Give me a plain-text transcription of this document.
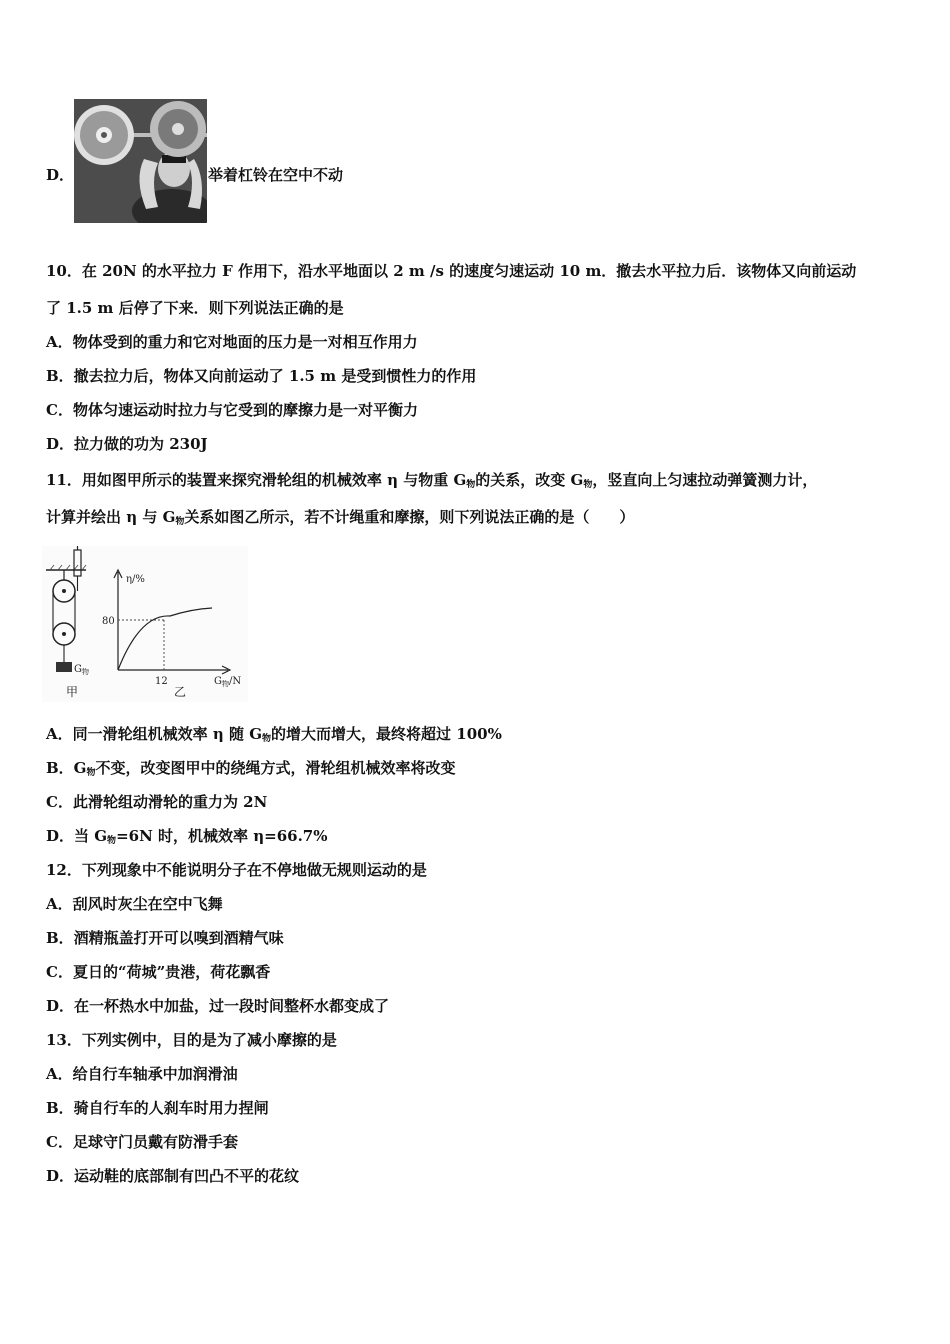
D．	举着杠铃在空中不动
10．在 20N 的水平拉力 F 作用下，沿水平地面以 2 m /s 的速度匀速运动 10 m．撤去水平拉力后．该物体又向前运动
了 1.5 m 后停了下来．则下列说法正确的是
A．物体受到的重力和它对地面的压力是一对相互作用力
B．撤去拉力后，物体又向前运动了 1.5 m 是受到惯性力的作用
C．物体匀速运动时拉力与它受到的摩擦力是一对平衡力
D．拉力做的功为 230J
11．用如图甲所示的装置来探究滑轮组的机械效率 η 与物重 $G_物$的关系，改变 $G_物$，竖直向上匀速拉动弹簧测力计，
计算并绘出 η 与 $G_物$关系如图乙所示，若不计绳重和摩擦，则下列说法正确的是（　　）
$G_物$
甲
η/%
80
12	$G_物/N$
乙
A．同一滑轮组机械效率 η 随 $G_物$的增大而增大，最终将超过 100%
B．$G_物$不变，改变图甲中的绕绳方式，滑轮组机械效率将改变
C．此滑轮组动滑轮的重力为 2N
D．当 $G_物=6N$ 时，机械效率 η=66.7%
12．下列现象中不能说明分子在不停地做无规则运动的是
A．刮风时灰尘在空中飞舞
B．酒精瓶盖打开可以嗅到酒精气味
C．夏日的“荷城”贵港，荷花飘香
D．在一杯热水中加盐，过一段时间整杯水都变成了
13．下列实例中，目的是为了减小摩擦的是
A．给自行车轴承中加润滑油
B．骑自行车的人刹车时用力捏闸
C．足球守门员戴有防滑手套
D．运动鞋的底部制有凹凸不平的花纹
